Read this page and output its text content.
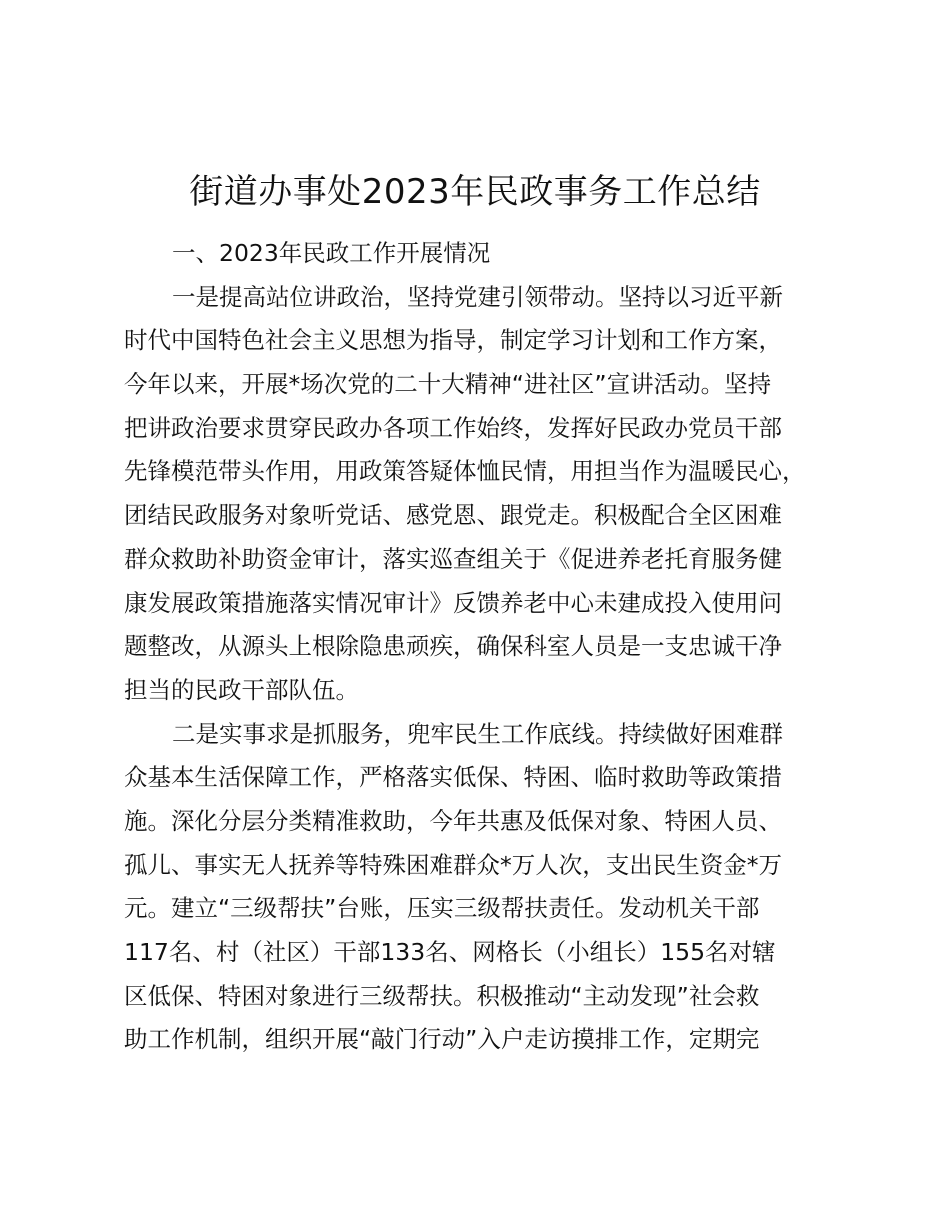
街道办事处2023年民政事务工作总结
一、2023年民政工作开展情况
一是提高站位讲政治，坚持党建引领带动。坚持以习近平新
时代中国特色社会主义思想为指导，制定学习计划和工作方案，
今年以来，开展*场次党的二十大精神“进社区”宣讲活动。坚持
把讲政治要求贯穿民政办各项工作始终，发挥好民政办党员干部
先锋模范带头作用，用政策答疑体恤民情，用担当作为温暖民心，
团结民政服务对象听党话、感党恩、跟党走。积极配合全区困难
群众救助补助资金审计，落实巡查组关于《促进养老托育服务健
康发展政策措施落实情况审计》反馈养老中心未建成投入使用问
题整改，从源头上根除隐患顽疾，确保科室人员是一支忠诚干净
担当的民政干部队伍。
二是实事求是抓服务，兜牢民生工作底线。持续做好困难群
众基本生活保障工作，严格落实低保、特困、临时救助等政策措
施。深化分层分类精准救助，今年共惠及低保对象、特困人员、
孤儿、事实无人抚养等特殊困难群众*万人次，支出民生资金*万
元。建立“三级帮扶”台账，压实三级帮扶责任。发动机关干部
117名、村（社区）干部133名、网格长（小组长）155名对辖
区低保、特困对象进行三级帮扶。积极推动“主动发现”社会救
助工作机制，组织开展“敲门行动”入户走访摸排工作，定期完
